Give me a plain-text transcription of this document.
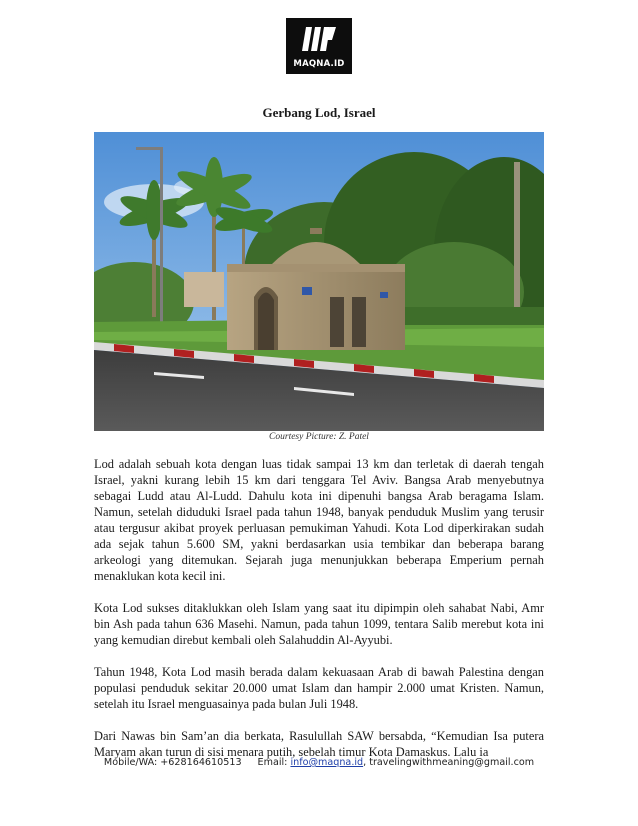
MAQNA.ID
Gerbang Lod, Israel
Courtesy Picture: Z. Patel

Lod adalah sebuah kota dengan luas tidak sampai 13 km dan terletak di daerah tengah Israel, yakni kurang lebih 15 km dari tenggara Tel Aviv. Bangsa Arab menyebutnya sebagai Ludd atau Al-Ludd. Dahulu kota ini dipenuhi bangsa Arab beragama Islam. Namun, setelah diduduki Israel pada tahun 1948, banyak penduduk Muslim yang terusir atau tergusur akibat proyek perluasan pemukiman Yahudi. Kota Lod diperkirakan sudah ada sejak tahun 5.600 SM, yakni berdasarkan usia tembikar dan beberapa barang arkeologi yang ditemukan. Sejarah juga menunjukkan beberapa Emperium pernah menaklukan kota kecil ini.

Kota Lod sukses ditaklukkan oleh Islam yang saat itu dipimpin oleh sahabat Nabi, Amr bin Ash pada tahun 636 Masehi. Namun, pada tahun 1099, tentara Salib merebut kota ini yang kemudian direbut kembali oleh Salahuddin Al-Ayyubi.

Tahun 1948, Kota Lod masih berada dalam kekuasaan Arab di bawah Palestina dengan populasi penduduk sekitar 20.000 umat Islam dan hampir 2.000 umat Kristen. Namun, setelah itu Israel menguasainya pada bulan Juli 1948.

Dari Nawas bin Sam’an dia berkata, Rasulullah SAW bersabda, “Kemudian Isa putera Maryam akan turun di sisi menara putih, sebelah timur Kota Damaskus. Lalu ia

Mobile/WA: +628164610513 Email: info@maqna.id, travelingwithmeaning@gmail.com
